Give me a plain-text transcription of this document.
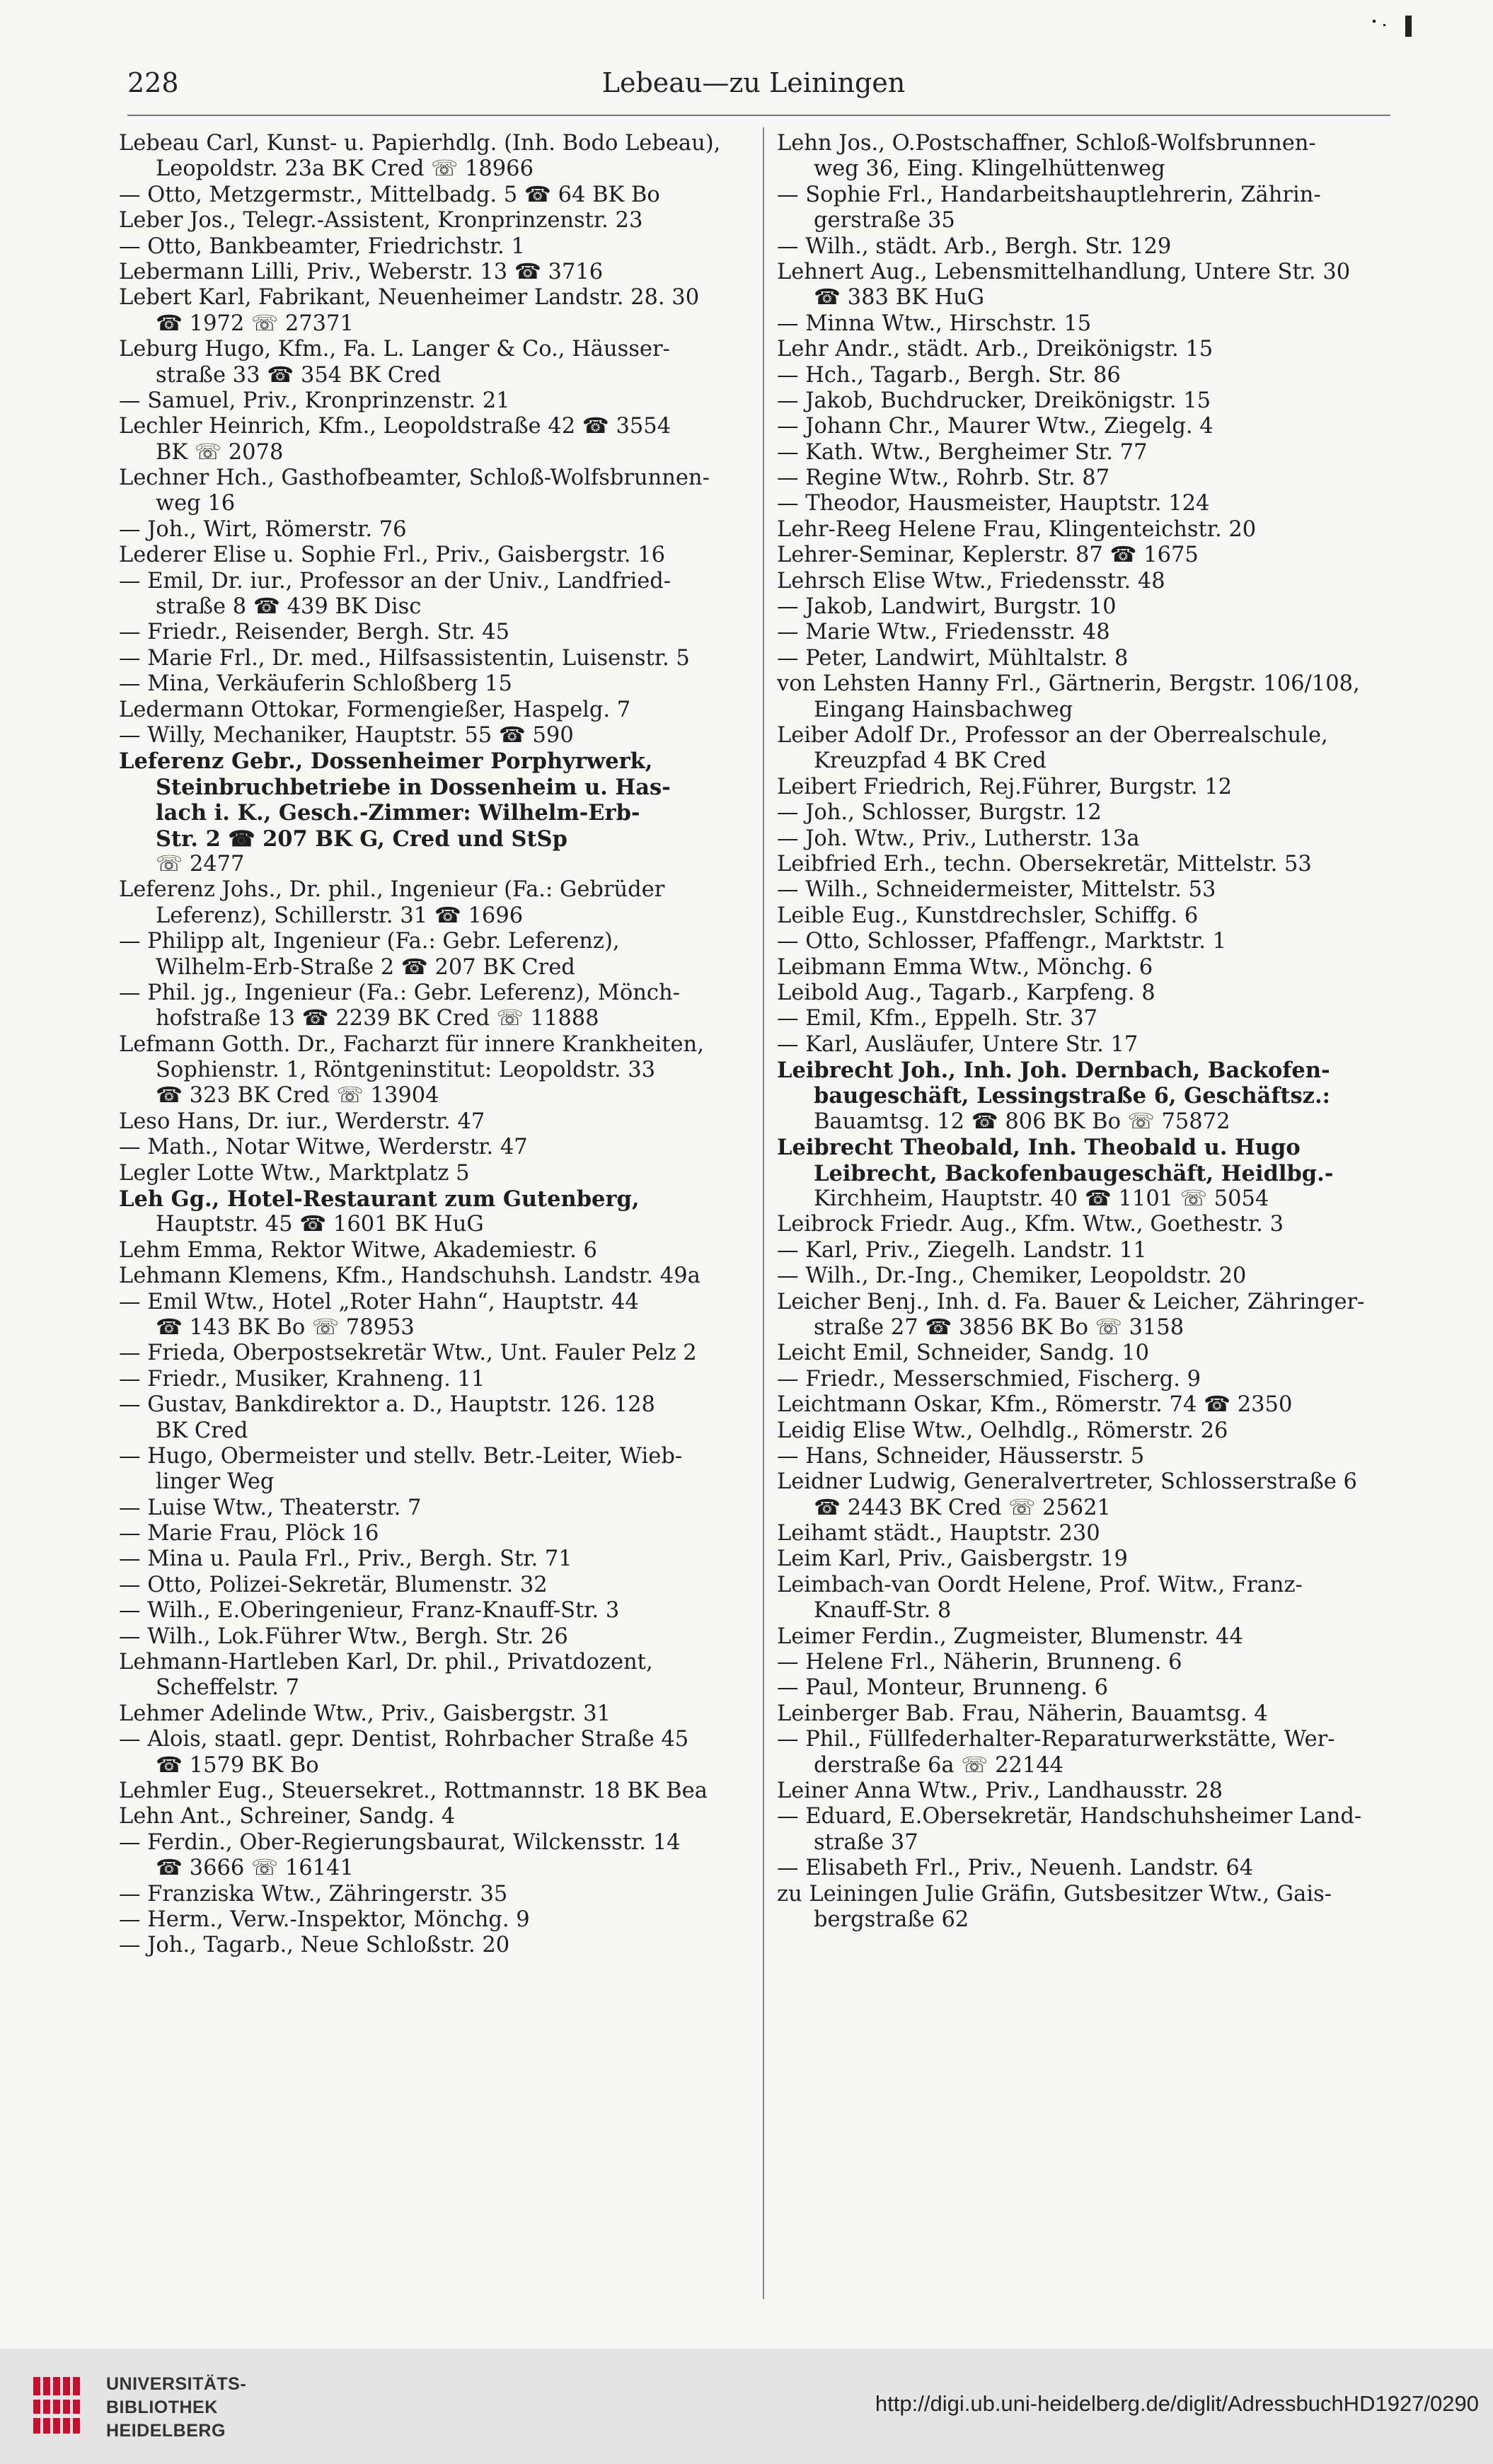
228	Lebeau—zu Leiningen
Lebeau Carl, Kunst- u. Papierhdlg. (Inh. Bodo Lebeau),
Leopoldstr. 23a BK Cred ☏ 18966
— Otto, Metzgermstr., Mittelbadg. 5 ☎ 64 BK Bo
Leber Jos., Telegr.-Assistent, Kronprinzenstr. 23
— Otto, Bankbeamter, Friedrichstr. 1
Lebermann Lilli, Priv., Weberstr. 13 ☎ 3716
Lebert Karl, Fabrikant, Neuenheimer Landstr. 28. 30
☎ 1972 ☏ 27371
Leburg Hugo, Kfm., Fa. L. Langer & Co., Häusser-
straße 33 ☎ 354 BK Cred
— Samuel, Priv., Kronprinzenstr. 21
Lechler Heinrich, Kfm., Leopoldstraße 42 ☎ 3554
BK ☏ 2078
Lechner Hch., Gasthofbeamter, Schloß-Wolfsbrunnen-
weg 16
— Joh., Wirt, Römerstr. 76
Lederer Elise u. Sophie Frl., Priv., Gaisbergstr. 16
— Emil, Dr. iur., Professor an der Univ., Landfried-
straße 8 ☎ 439 BK Disc
— Friedr., Reisender, Bergh. Str. 45
— Marie Frl., Dr. med., Hilfsassistentin, Luisenstr. 5
— Mina, Verkäuferin Schloßberg 15
Ledermann Ottokar, Formengießer, Haspelg. 7
— Willy, Mechaniker, Hauptstr. 55 ☎ 590
Leferenz Gebr., Dossenheimer Porphyrwerk,
Steinbruchbetriebe in Dossenheim u. Has-
lach i. K., Gesch.-Zimmer: Wilhelm-Erb-
Str. 2 ☎ 207 BK G, Cred und StSp
☏ 2477
Leferenz Johs., Dr. phil., Ingenieur (Fa.: Gebrüder
Leferenz), Schillerstr. 31 ☎ 1696
— Philipp alt, Ingenieur (Fa.: Gebr. Leferenz),
Wilhelm-Erb-Straße 2 ☎ 207 BK Cred
— Phil. jg., Ingenieur (Fa.: Gebr. Leferenz), Mönch-
hofstraße 13 ☎ 2239 BK Cred ☏ 11888
Lefmann Gotth. Dr., Facharzt für innere Krankheiten,
Sophienstr. 1, Röntgeninstitut: Leopoldstr. 33
☎ 323 BK Cred ☏ 13904
Leso Hans, Dr. iur., Werderstr. 47
— Math., Notar Witwe, Werderstr. 47
Legler Lotte Wtw., Marktplatz 5
Leh Gg., Hotel-Restaurant zum Gutenberg,
Hauptstr. 45 ☎ 1601 BK HuG
Lehm Emma, Rektor Witwe, Akademiestr. 6
Lehmann Klemens, Kfm., Handschuhsh. Landstr. 49a
— Emil Wtw., Hotel „Roter Hahn“, Hauptstr. 44
☎ 143 BK Bo ☏ 78953
— Frieda, Oberpostsekretär Wtw., Unt. Fauler Pelz 2
— Friedr., Musiker, Krahneng. 11
— Gustav, Bankdirektor a. D., Hauptstr. 126. 128
BK Cred
— Hugo, Obermeister und stellv. Betr.-Leiter, Wieb-
linger Weg
— Luise Wtw., Theaterstr. 7
— Marie Frau, Plöck 16
— Mina u. Paula Frl., Priv., Bergh. Str. 71
— Otto, Polizei-Sekretär, Blumenstr. 32
— Wilh., E.Oberingenieur, Franz-Knauff-Str. 3
— Wilh., Lok.Führer Wtw., Bergh. Str. 26
Lehmann-Hartleben Karl, Dr. phil., Privatdozent,
Scheffelstr. 7
Lehmer Adelinde Wtw., Priv., Gaisbergstr. 31
— Alois, staatl. gepr. Dentist, Rohrbacher Straße 45
☎ 1579 BK Bo
Lehmler Eug., Steuersekret., Rottmannstr. 18 BK Bea
Lehn Ant., Schreiner, Sandg. 4
— Ferdin., Ober-Regierungsbaurat, Wilckensstr. 14
☎ 3666 ☏ 16141
— Franziska Wtw., Zähringerstr. 35
— Herm., Verw.-Inspektor, Mönchg. 9
— Joh., Tagarb., Neue Schloßstr. 20
Lehn Jos., O.Postschaffner, Schloß-Wolfsbrunnen-
weg 36, Eing. Klingelhüttenweg
— Sophie Frl., Handarbeitshauptlehrerin, Zährin-
gerstraße 35
— Wilh., städt. Arb., Bergh. Str. 129
Lehnert Aug., Lebensmittelhandlung, Untere Str. 30
☎ 383 BK HuG
— Minna Wtw., Hirschstr. 15
Lehr Andr., städt. Arb., Dreikönigstr. 15
— Hch., Tagarb., Bergh. Str. 86
— Jakob, Buchdrucker, Dreikönigstr. 15
— Johann Chr., Maurer Wtw., Ziegelg. 4
— Kath. Wtw., Bergheimer Str. 77
— Regine Wtw., Rohrb. Str. 87
— Theodor, Hausmeister, Hauptstr. 124
Lehr-Reeg Helene Frau, Klingenteichstr. 20
Lehrer-Seminar, Keplerstr. 87 ☎ 1675
Lehrsch Elise Wtw., Friedensstr. 48
— Jakob, Landwirt, Burgstr. 10
— Marie Wtw., Friedensstr. 48
— Peter, Landwirt, Mühltalstr. 8
von Lehsten Hanny Frl., Gärtnerin, Bergstr. 106/108,
Eingang Hainsbachweg
Leiber Adolf Dr., Professor an der Oberrealschule,
Kreuzpfad 4 BK Cred
Leibert Friedrich, Rej.Führer, Burgstr. 12
— Joh., Schlosser, Burgstr. 12
— Joh. Wtw., Priv., Lutherstr. 13a
Leibfried Erh., techn. Obersekretär, Mittelstr. 53
— Wilh., Schneidermeister, Mittelstr. 53
Leible Eug., Kunstdrechsler, Schiffg. 6
— Otto, Schlosser, Pfaffengr., Marktstr. 1
Leibmann Emma Wtw., Mönchg. 6
Leibold Aug., Tagarb., Karpfeng. 8
— Emil, Kfm., Eppelh. Str. 37
— Karl, Ausläufer, Untere Str. 17
Leibrecht Joh., Inh. Joh. Dernbach, Backofen-
baugeschäft, Lessingstraße 6, Geschäftsz.:
Bauamtsg. 12 ☎ 806 BK Bo ☏ 75872
Leibrecht Theobald, Inh. Theobald u. Hugo
Leibrecht, Backofenbaugeschäft, Heidlbg.-
Kirchheim, Hauptstr. 40 ☎ 1101 ☏ 5054
Leibrock Friedr. Aug., Kfm. Wtw., Goethestr. 3
— Karl, Priv., Ziegelh. Landstr. 11
— Wilh., Dr.-Ing., Chemiker, Leopoldstr. 20
Leicher Benj., Inh. d. Fa. Bauer & Leicher, Zähringer-
straße 27 ☎ 3856 BK Bo ☏ 3158
Leicht Emil, Schneider, Sandg. 10
— Friedr., Messerschmied, Fischerg. 9
Leichtmann Oskar, Kfm., Römerstr. 74 ☎ 2350
Leidig Elise Wtw., Oelhdlg., Römerstr. 26
— Hans, Schneider, Häusserstr. 5
Leidner Ludwig, Generalvertreter, Schlosserstraße 6
☎ 2443 BK Cred ☏ 25621
Leihamt städt., Hauptstr. 230
Leim Karl, Priv., Gaisbergstr. 19
Leimbach-van Oordt Helene, Prof. Witw., Franz-
Knauff-Str. 8
Leimer Ferdin., Zugmeister, Blumenstr. 44
— Helene Frl., Näherin, Brunneng. 6
— Paul, Monteur, Brunneng. 6
Leinberger Bab. Frau, Näherin, Bauamtsg. 4
— Phil., Füllfederhalter-Reparaturwerkstätte, Wer-
derstraße 6a ☏ 22144
Leiner Anna Wtw., Priv., Landhausstr. 28
— Eduard, E.Obersekretär, Handschuhsheimer Land-
straße 37
— Elisabeth Frl., Priv., Neuenh. Landstr. 64
zu Leiningen Julie Gräfin, Gutsbesitzer Wtw., Gais-
bergstraße 62
UNIVERSITÄTS-
BIBLIOTHEK
HEIDELBERG
http://digi.ub.uni-heidelberg.de/diglit/AdressbuchHD1927/0290
